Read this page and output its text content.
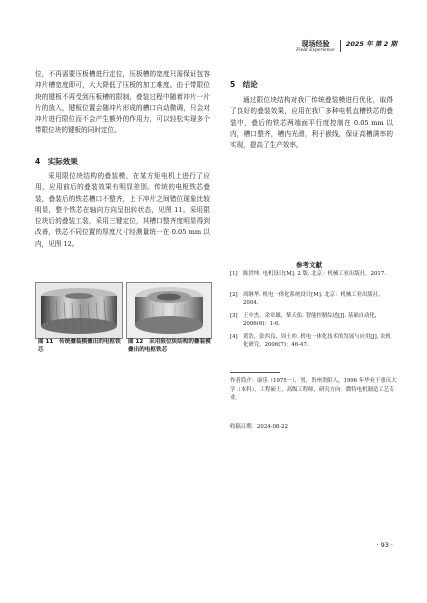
现场经验
Field Experience
2025 年 第 2 期

位，不再需要压板槽进行定位，压板槽的宽度只需保证包容冲片槽宽度即可，大大降低了压板的加工难度。由于带限位块的键板不再受到压板槽的限制，叠装过程中随着冲片一片片的放入，键板位置会随冲片形成的槽口自动微调，只会对冲片进行限位而不会产生额外的作用力，可以轻松实现多个带限位块的键板的同时定位。

4　实际效果

采用限位块结构的叠装模，在某方矩电机上进行了应用，应用前后的叠装效果有明显差别。传统的电枢铁芯叠装，叠装后的铁芯槽口不整齐，上下冲片之间错位现象比较明显，整个铁芯在轴向方向呈扭转状态，见图 11。采用限位块后的叠装工装，采用三键定位，其槽口整齐度明显得到改善，铁芯不同位置的厚度尺寸经测量统一在 0.05 mm 以内，见图 12。

图 11 传统叠装模叠出的电枢铁芯
图 12 采用限位块结构的叠装模叠出的电枢铁芯
5　结论

通过限位块结构对我厂传统叠装模进行优化，取得了良好的叠装效果，应用在我厂多种电机直槽铁芯的叠装中，叠后的铁芯两端面平行度控制在 0.05 mm 以内，槽口整齐，槽内光滑，利于嵌线，保证高槽满率的实现，提高了生产效率。

参考文献
[1] 陈世坤. 电机设计[M]. 2 版. 北京：机械工业出版社，2017.
[2] 周继华. 机电一体化系统设计[M]. 北京：机械工业出版社，2004.
[3] 王中杰，余章雄，柴天佑. 智能控制综述[J]. 基础自动化，2006(6)：1-6.
[4] 黄浩，张西良，周士冲. 机电一体化技术的发展与应用[J]. 农机化研究，2006(7)：46-47.
作者简介：康乐（1975－），男，贵州贵阳人，1996 年毕业于重庆大学（本科），工程硕士，高级工程师，研究方向：微特电机制造工艺专业。
收稿日期：2024-08-22
· 93 ·
